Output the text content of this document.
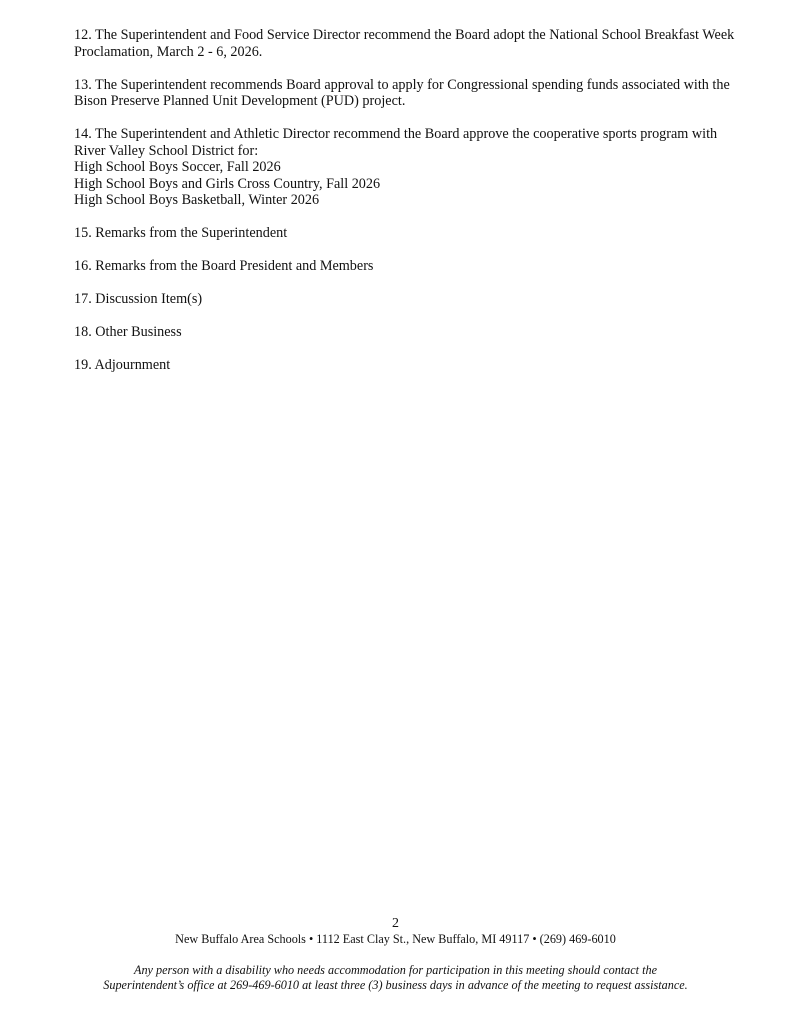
12. The Superintendent and Food Service Director recommend the Board adopt the National School Breakfast Week
Proclamation, March 2 - 6, 2026.
13. The Superintendent recommends Board approval to apply for Congressional spending funds associated with the
Bison Preserve Planned Unit Development (PUD) project.
14. The Superintendent and Athletic Director recommend the Board approve the cooperative sports program with
River Valley School District for:
High School Boys Soccer, Fall 2026
High School Boys and Girls Cross Country, Fall 2026
High School Boys Basketball, Winter 2026
15. Remarks from the Superintendent
16. Remarks from the Board President and Members
17. Discussion Item(s)
18. Other Business
19. Adjournment
2
New Buffalo Area Schools • 1112 East Clay St., New Buffalo, MI 49117 • (269) 469-6010
Any person with a disability who needs accommodation for participation in this meeting should contact the
Superintendent’s office at 269-469-6010 at least three (3) business days in advance of the meeting to request assistance.
